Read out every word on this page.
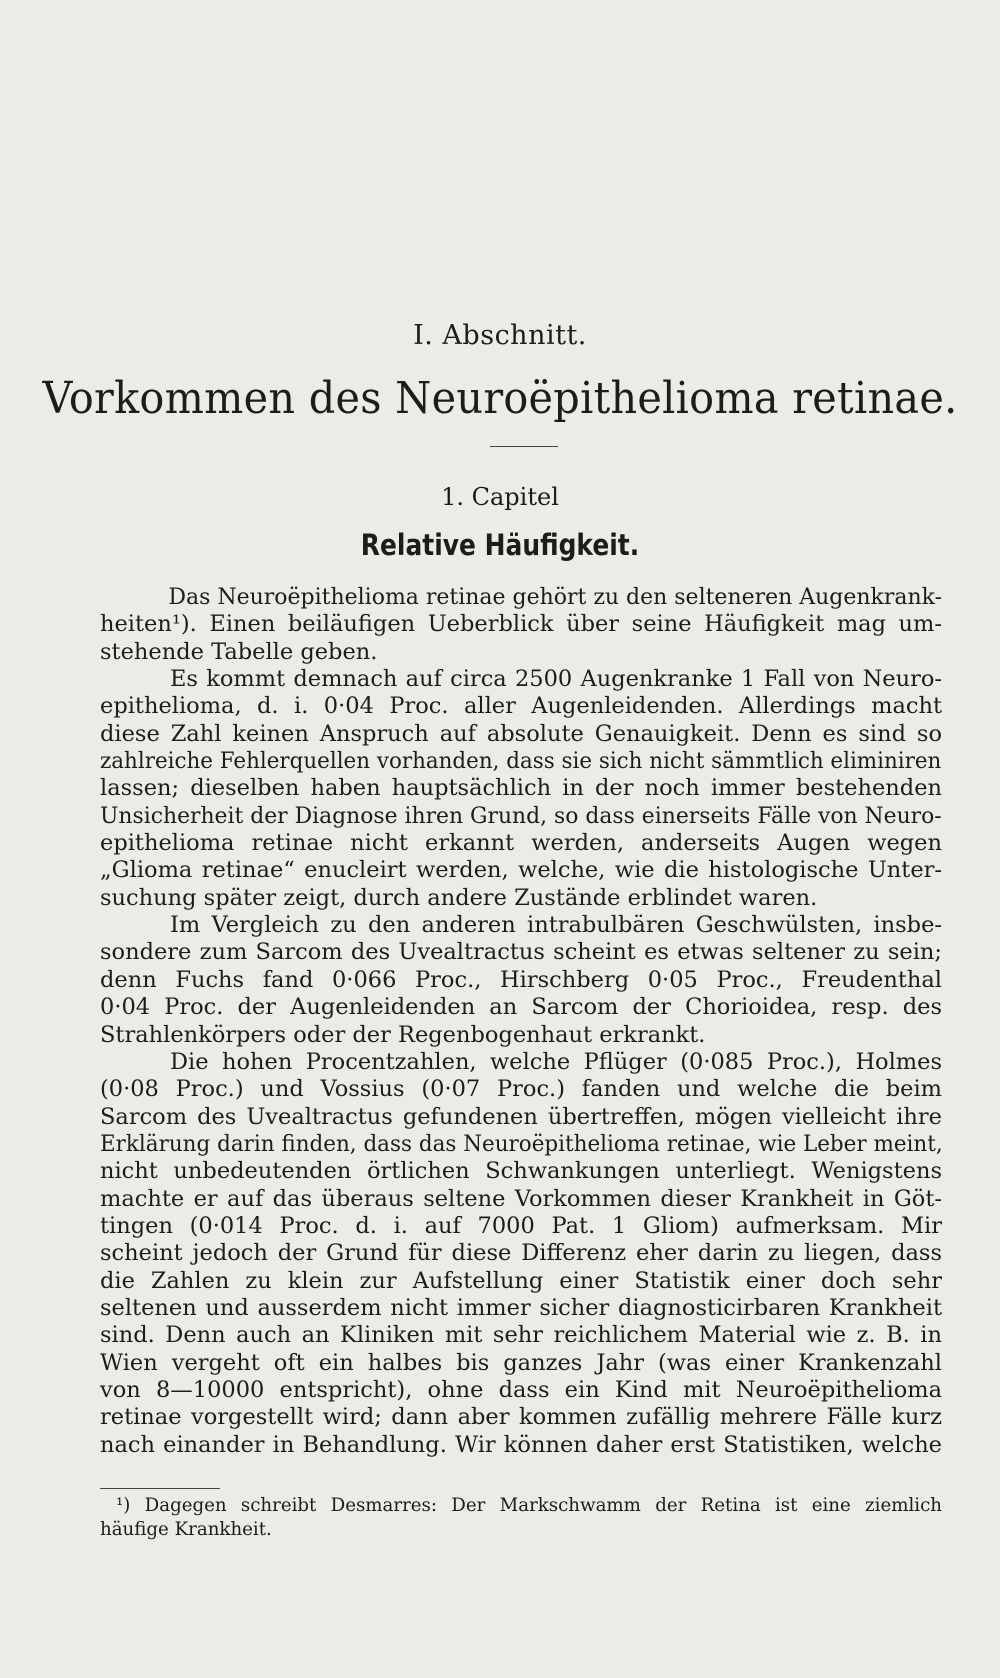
I. Abschnitt.
Vorkommen des Neuroëpithelioma retinae.
1. Capitel
Relative Häufigkeit.
Das Neuroëpithelioma retinae gehört zu den selteneren Augenkrank-
heiten¹). Einen beiläufigen Ueberblick über seine Häufigkeit mag um-
stehende Tabelle geben.
Es kommt demnach auf circa 2500 Augenkranke 1 Fall von Neuro-
epithelioma, d. i. 0·04 Proc. aller Augenleidenden. Allerdings macht
diese Zahl keinen Anspruch auf absolute Genauigkeit. Denn es sind so
zahlreiche Fehlerquellen vorhanden, dass sie sich nicht sämmtlich eliminiren
lassen; dieselben haben hauptsächlich in der noch immer bestehenden
Unsicherheit der Diagnose ihren Grund, so dass einerseits Fälle von Neuro-
epithelioma retinae nicht erkannt werden, anderseits Augen wegen
„Glioma retinae“ enucleirt werden, welche, wie die histologische Unter-
suchung später zeigt, durch andere Zustände erblindet waren.
Im Vergleich zu den anderen intrabulbären Geschwülsten, insbe-
sondere zum Sarcom des Uvealtractus scheint es etwas seltener zu sein;
denn Fuchs fand 0·066 Proc., Hirschberg 0·05 Proc., Freudenthal
0·04 Proc. der Augenleidenden an Sarcom der Chorioidea, resp. des
Strahlenkörpers oder der Regenbogenhaut erkrankt.
Die hohen Procentzahlen, welche Pflüger (0·085 Proc.), Holmes
(0·08 Proc.) und Vossius (0·07 Proc.) fanden und welche die beim
Sarcom des Uvealtractus gefundenen übertreffen, mögen vielleicht ihre
Erklärung darin finden, dass das Neuroëpithelioma retinae, wie Leber meint,
nicht unbedeutenden örtlichen Schwankungen unterliegt. Wenigstens
machte er auf das überaus seltene Vorkommen dieser Krankheit in Göt-
tingen (0·014 Proc. d. i. auf 7000 Pat. 1 Gliom) aufmerksam. Mir
scheint jedoch der Grund für diese Differenz eher darin zu liegen, dass
die Zahlen zu klein zur Aufstellung einer Statistik einer doch sehr
seltenen und ausserdem nicht immer sicher diagnosticirbaren Krankheit
sind. Denn auch an Kliniken mit sehr reichlichem Material wie z. B. in
Wien vergeht oft ein halbes bis ganzes Jahr (was einer Krankenzahl
von 8—10000 entspricht), ohne dass ein Kind mit Neuroëpithelioma
retinae vorgestellt wird; dann aber kommen zufällig mehrere Fälle kurz
nach einander in Behandlung. Wir können daher erst Statistiken, welche
¹) Dagegen schreibt Desmarres: Der Markschwamm der Retina ist eine ziemlich
häufige Krankheit.
